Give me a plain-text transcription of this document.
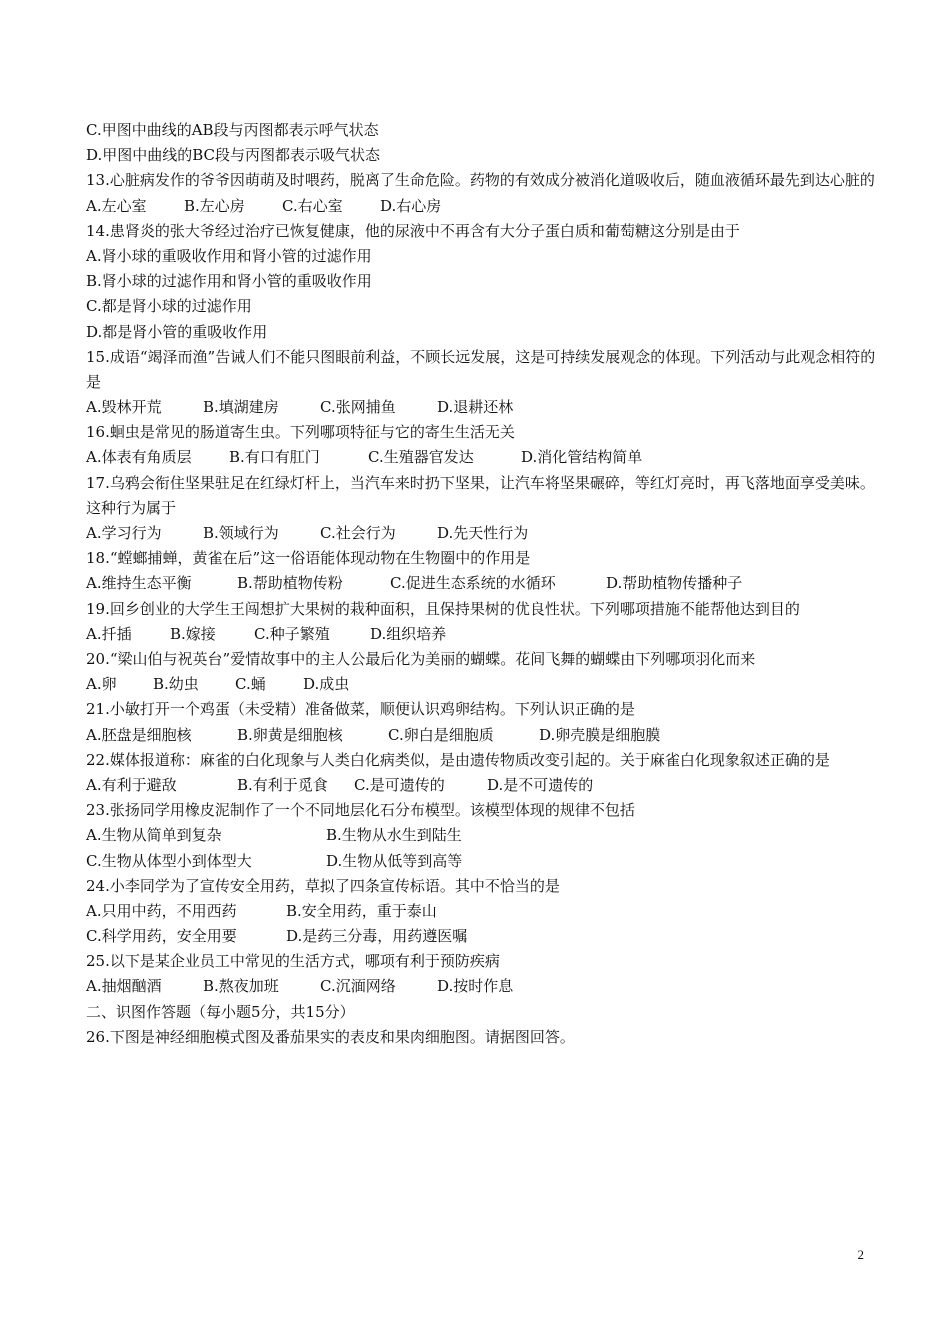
C.甲图中曲线的AB段与丙图都表示呼气状态
D.甲图中曲线的BC段与丙图都表示吸气状态
13.心脏病发作的爷爷因萌萌及时喂药，脱离了生命危险。药物的有效成分被消化道吸收后，随血液循环最先到达心脏的
A.左心室 B.左心房 C.右心室 D.右心房
14.患肾炎的张大爷经过治疗已恢复健康，他的尿液中不再含有大分子蛋白质和葡萄糖这分别是由于
A.肾小球的重吸收作用和肾小管的过滤作用
B.肾小球的过滤作用和肾小管的重吸收作用
C.都是肾小球的过滤作用
D.都是肾小管的重吸收作用
15.成语“竭泽而渔”告诫人们不能只图眼前利益，不顾长远发展，这是可持续发展观念的体现。下列活动与此观念相符的是
A.毁林开荒	B.填湖建房	C.张网捕鱼	D.退耕还林
16.蛔虫是常见的肠道寄生虫。下列哪项特征与它的寄生生活无关
A.体表有角质层 B.有口有肛门	C.生殖器官发达	D.消化管结构简单
17.乌鸦会衔住坚果驻足在红绿灯杆上，当汽车来时扔下坚果，让汽车将坚果碾碎，等红灯亮时，再飞落地面享受美味。这种行为属于
A.学习行为	B.领域行为	C.社会行为	D.先天性行为
18.“螳螂捕蝉，黄雀在后”这一俗语能体现动物在生物圈中的作用是
A.维持生态平衡	B.帮助植物传粉	C.促进生态系统的水循环	D.帮助植物传播种子
19.回乡创业的大学生王闯想扩大果树的栽种面积，且保持果树的优良性状。下列哪项措施不能帮他达到目的
A.扦插	B.嫁接	C.种子繁殖	D.组织培养
20.“梁山伯与祝英台”爱情故事中的主人公最后化为美丽的蝴蝶。花间飞舞的蝴蝶由下列哪项羽化而来
A.卵 B.幼虫 C.蛹 D.成虫
21.小敏打开一个鸡蛋（未受精）准备做菜，顺便认识鸡卵结构。下列认识正确的是
A.胚盘是细胞核	B.卵黄是细胞核	C.卵白是细胞质	D.卵壳膜是细胞膜
22.媒体报道称：麻雀的白化现象与人类白化病类似，是由遗传物质改变引起的。关于麻雀白化现象叙述正确的是
A.有利于避敌	B.有利于觅食 C.是可遗传的	D.是不可遗传的
23.张扬同学用橡皮泥制作了一个不同地层化石分布模型。该模型体现的规律不包括
A.生物从简单到复杂	B.生物从水生到陆生
C.生物从体型小到体型大	D.生物从低等到高等
24.小李同学为了宣传安全用药，草拟了四条宣传标语。其中不恰当的是
A.只用中药，不用西药	B.安全用药，重于泰山
C.科学用药，安全用要	D.是药三分毒，用药遵医嘱
25.以下是某企业员工中常见的生活方式，哪项有利于预防疾病
A.抽烟酗酒	B.熬夜加班	C.沉湎网络	D.按时作息
二、识图作答题（每小题5分，共15分）
26.下图是神经细胞模式图及番茄果实的表皮和果肉细胞图。请据图回答。
2
